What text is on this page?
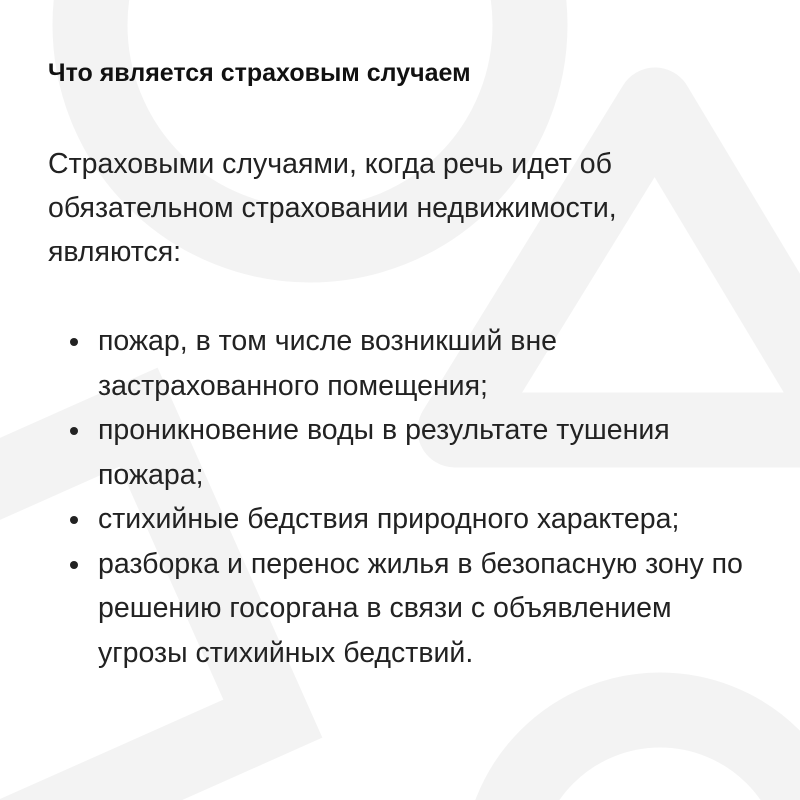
Что является страховым случаем

Страховыми случаями, когда речь идет об обязательном страховании недвижимости, являются:

пожар, в том числе возникший вне застрахованного помещения;
проникновение воды в результате тушения пожара;
стихийные бедствия природного характера;
разборка и перенос жилья в безопасную зону по решению госоргана в связи с объявлением угрозы стихийных бедствий.
